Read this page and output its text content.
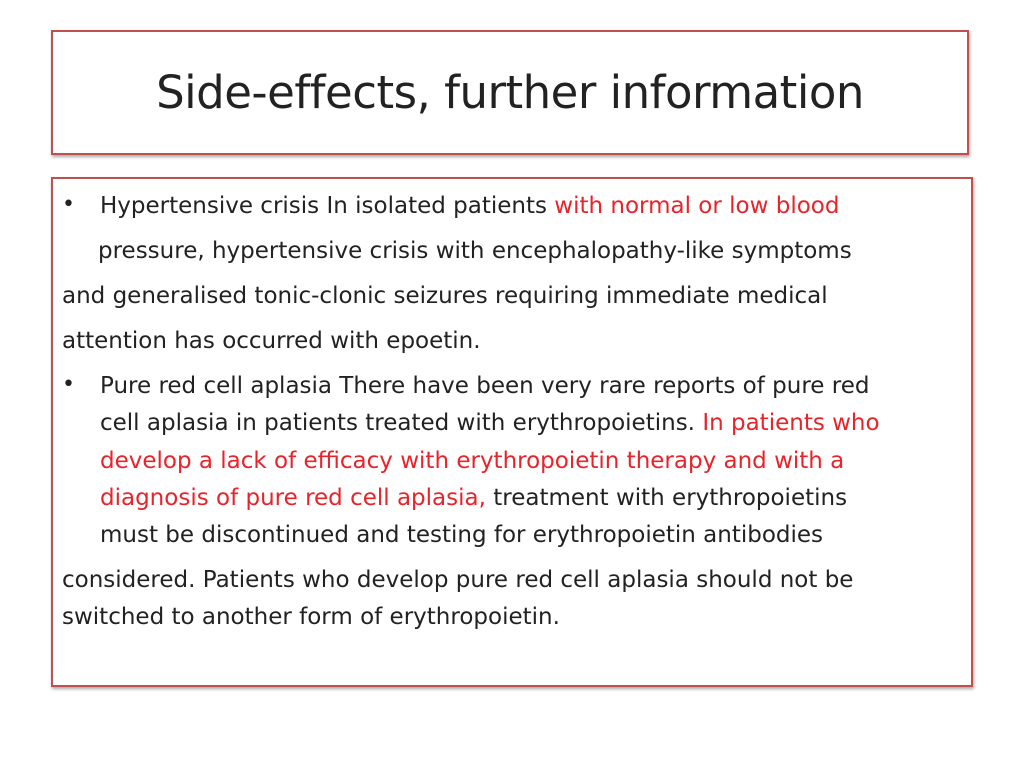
Side-effects, further information
• Hypertensive crisis In isolated patients with normal or low blood
pressure, hypertensive crisis with encephalopathy-like symptoms
and generalised tonic-clonic seizures requiring immediate medical
attention has occurred with epoetin.
• Pure red cell aplasia There have been very rare reports of pure red
cell aplasia in patients treated with erythropoietins. In patients who
develop a lack of efficacy with erythropoietin therapy and with a
diagnosis of pure red cell aplasia, treatment with erythropoietins
must be discontinued and testing for erythropoietin antibodies
considered. Patients who develop pure red cell aplasia should not be
switched to another form of erythropoietin.
